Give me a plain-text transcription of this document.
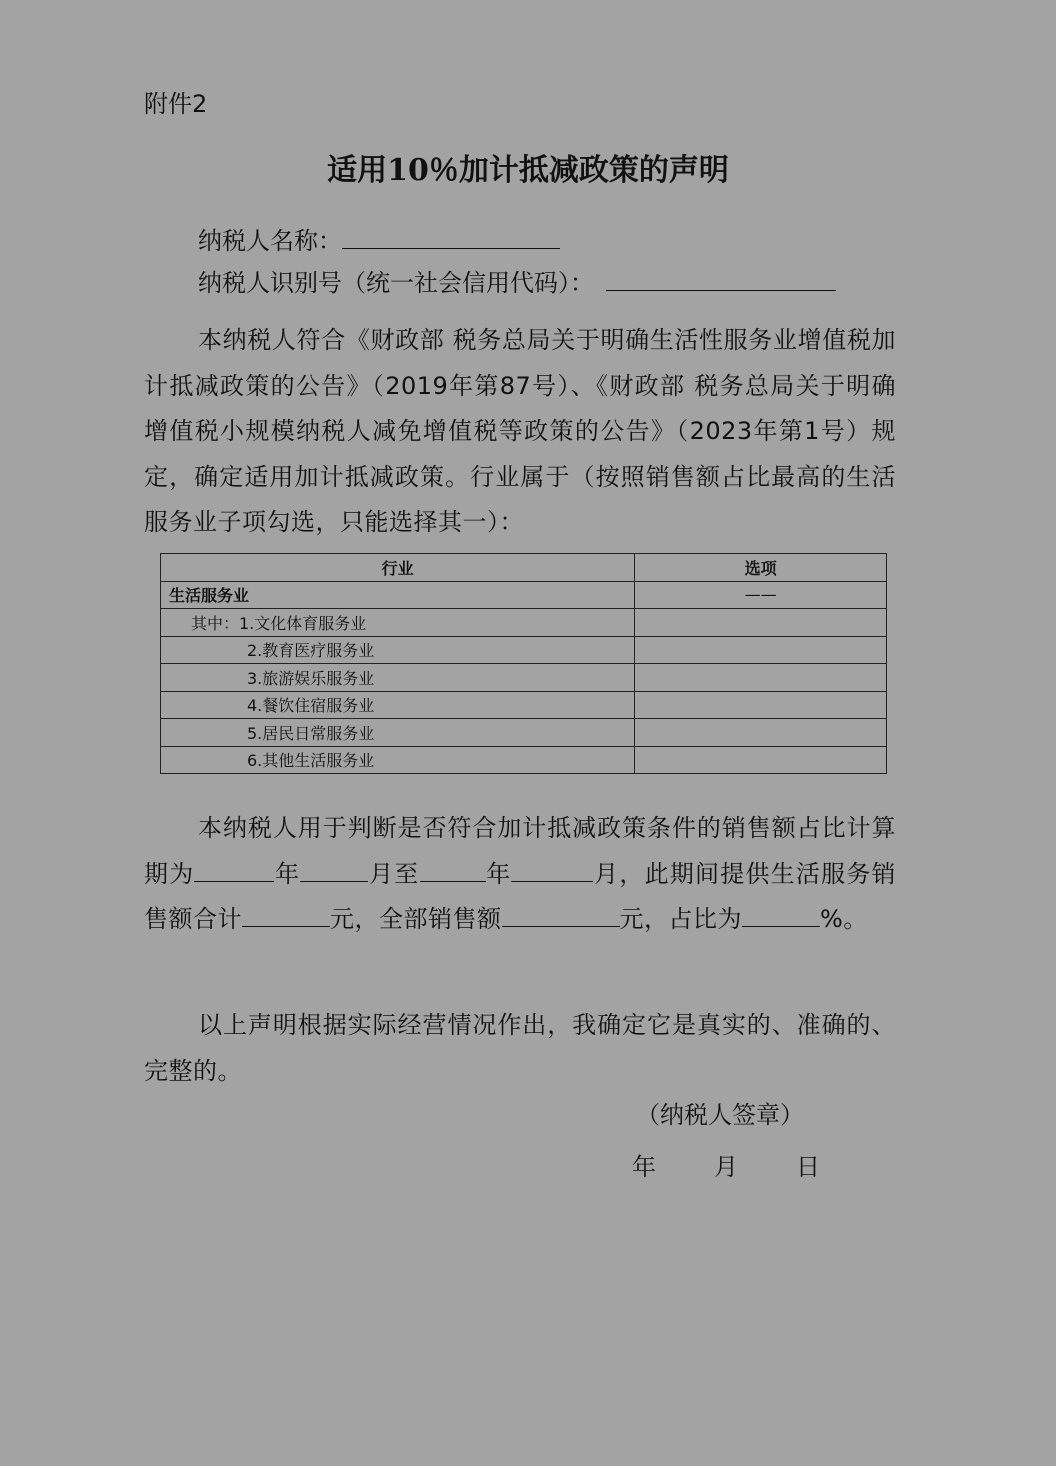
附件2
适用10％加计抵减政策的声明
纳税人名称：
纳税人识别号（统一社会信用代码）：
本纳税人符合《财政部 税务总局关于明确生活性服务业增值税加计抵减政策的公告》（2019年第87号）、《财政部 税务总局关于明确增值税小规模纳税人减免增值税等政策的公告》（2023年第1号）规定，确定适用加计抵减政策。行业属于（按照销售额占比最高的生活服务业子项勾选，只能选择其一）：
行业	选项
生活服务业	——
其中：1.文化体育服务业	
2.教育医疗服务业	
3.旅游娱乐服务业	
4.餐饮住宿服务业	
5.居民日常服务业	
6.其他生活服务业	
本纳税人用于判断是否符合加计抵减政策条件的销售额占比计算期为	年	月至	年	月，此期间提供生活服务销售额合计	元，全部销售额	元，占比为	%。
以上声明根据实际经营情况作出，我确定它是真实的、准确的、完整的。
（纳税人签章）
年 月 日
